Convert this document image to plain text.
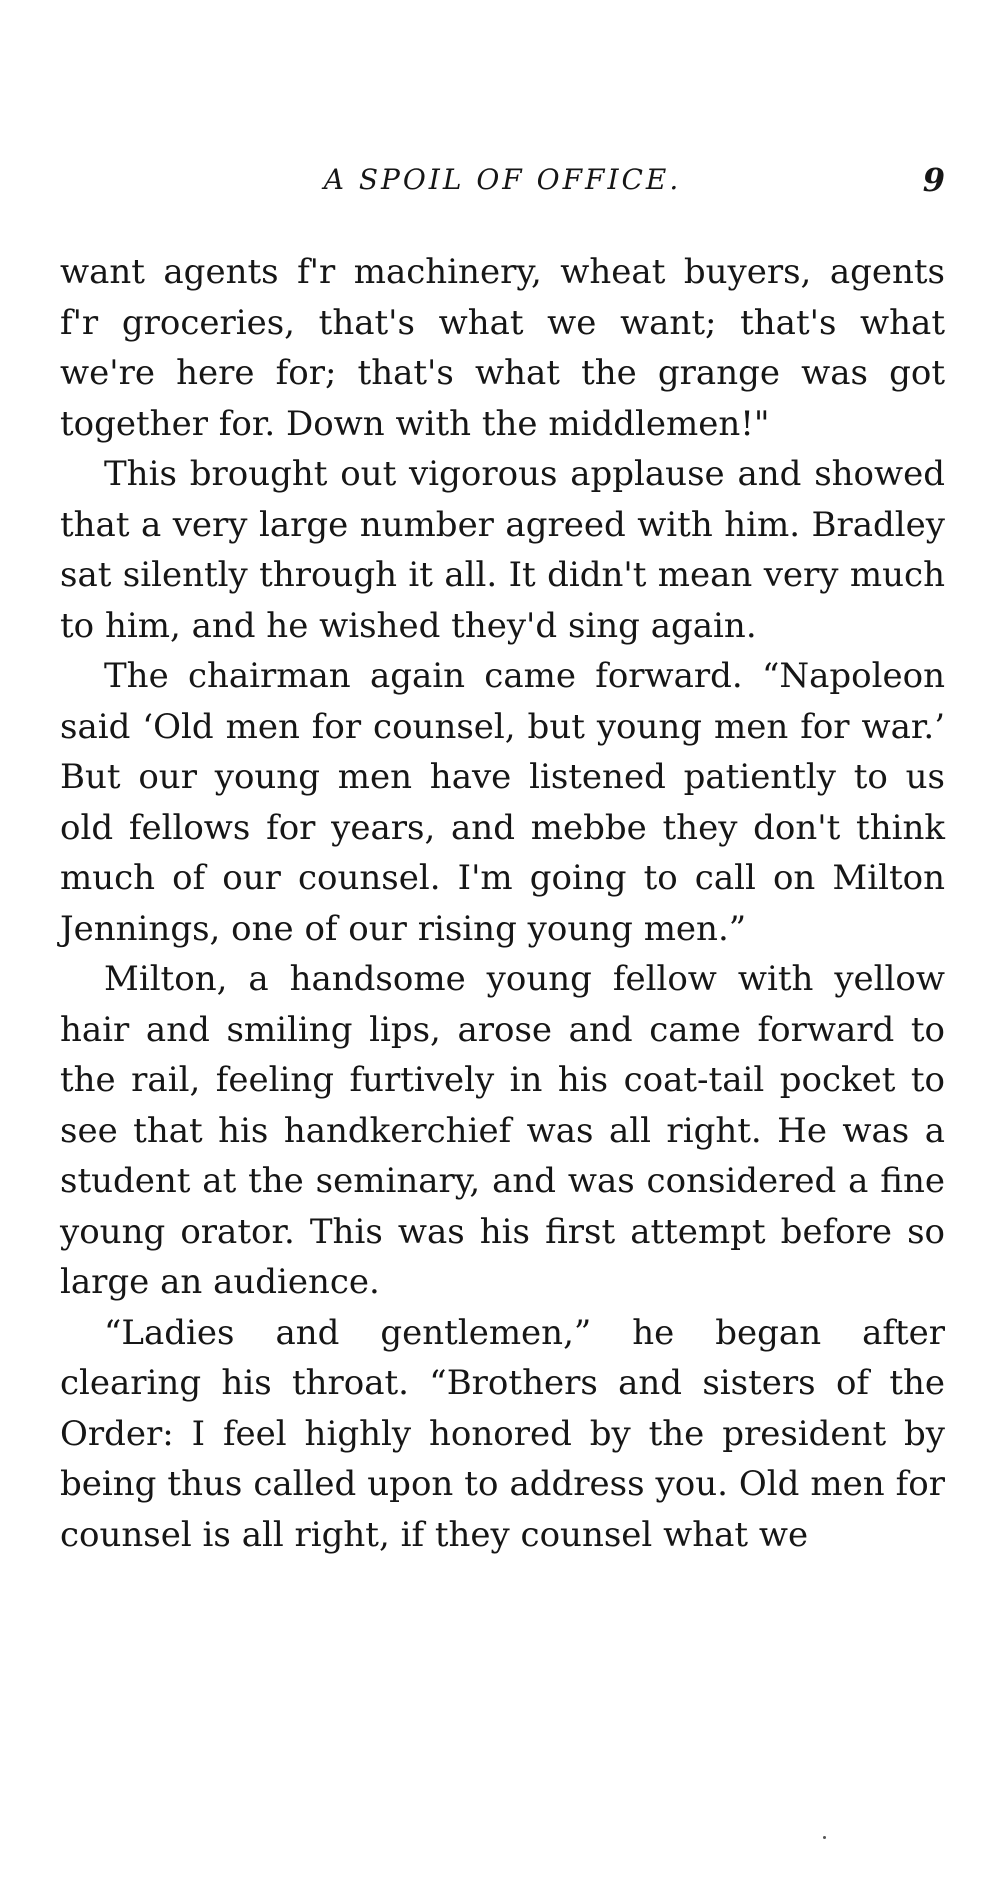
A SPOIL OF OFFICE.	9

want agents f'r machinery, wheat buyers, agents f'r groceries, that's what we want; that's what we're here for; that's what the grange was got together for. Down with the middlemen!"

This brought out vigorous applause and showed that a very large number agreed with him. Bradley sat silently through it all. It didn't mean very much to him, and he wished they'd sing again.

The chairman again came forward. “Napoleon said ‘Old men for counsel, but young men for war.’ But our young men have listened patiently to us old fellows for years, and mebbe they don't think much of our counsel. I'm going to call on Milton Jennings, one of our rising young men.”

Milton, a handsome young fellow with yellow hair and smiling lips, arose and came forward to the rail, feeling furtively in his coat-tail pocket to see that his handkerchief was all right. He was a student at the seminary, and was considered a fine young orator. This was his first attempt before so large an audience.

“Ladies and gentlemen,” he began after clearing his throat. “Brothers and sisters of the Order: I feel highly honored by the president by being thus called upon to address you. Old men for counsel is all right, if they counsel what we
